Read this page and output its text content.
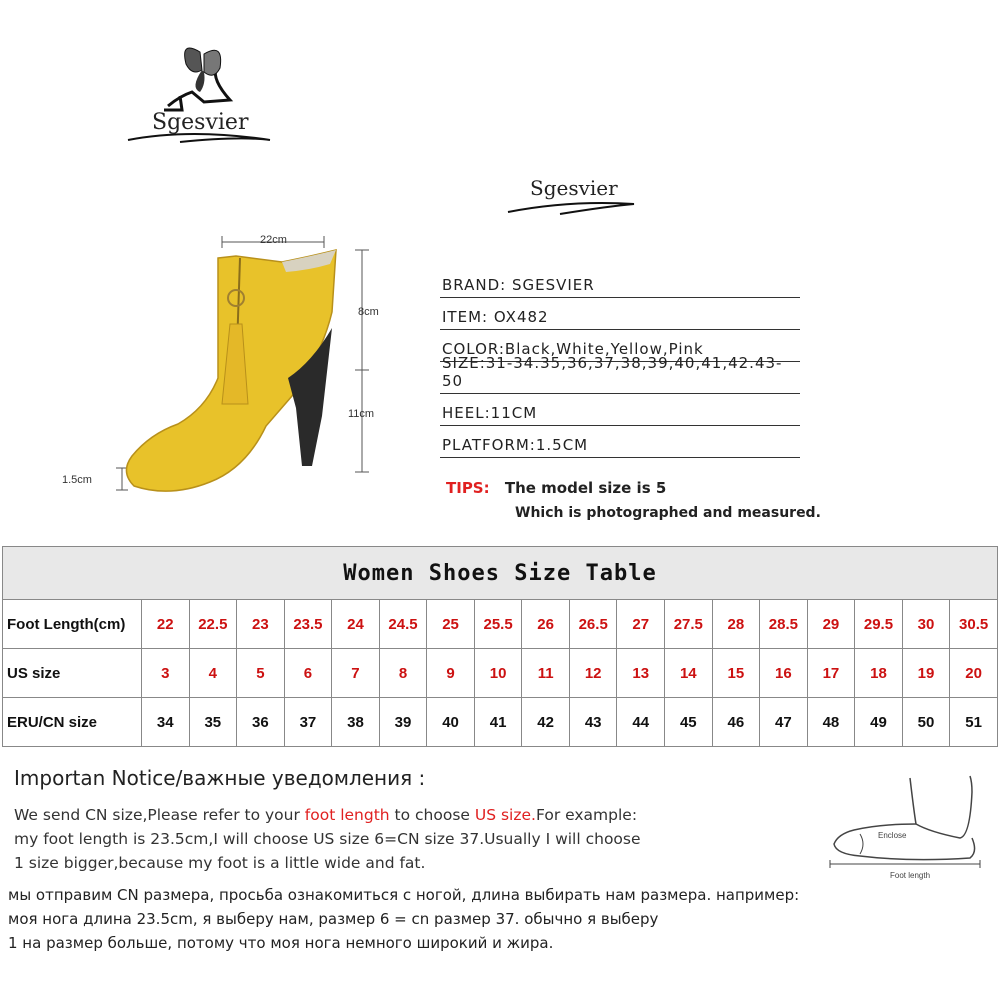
Sgesvier
Sgesvier
22cm
8cm
11cm
1.5cm
BRAND: SGESVIER
ITEM: OX482
COLOR:Black,White,Yellow,Pink
SIZE:31-34.35,36,37,38,39,40,41,42.43-50
HEEL:11CM
PLATFORM:1.5CM
TIPS: The model size is 5
Which is photographed and measured.
Women Shoes Size Table																		
Foot Length(cm)	22	22.5	23	23.5	24	24.5	25	25.5	26	26.5	27	27.5	28	28.5	29	29.5	30	30.5
US size	3	4	5	6	7	8	9	10	11	12	13	14	15	16	17	18	19	20
ERU/CN size	34	35	36	37	38	39	40	41	42	43	44	45	46	47	48	49	50	51
Importan Notice/важные уведомления :
We send CN size,Please refer to your foot length to choose US size.For example:
my foot length is 23.5cm,I will choose US size 6=CN size 37.Usually I will choose
1 size bigger,because my foot is a little wide and fat.
мы отправим CN размера, просьба ознакомиться с ногой, длина выбирать нам размера. например:
моя нога длина 23.5cm, я выберу нам, размер 6 = cn размер 37. обычно я выберу
1 на размер больше, потому что моя нога немного широкий и жира.
Enclose
Foot length
